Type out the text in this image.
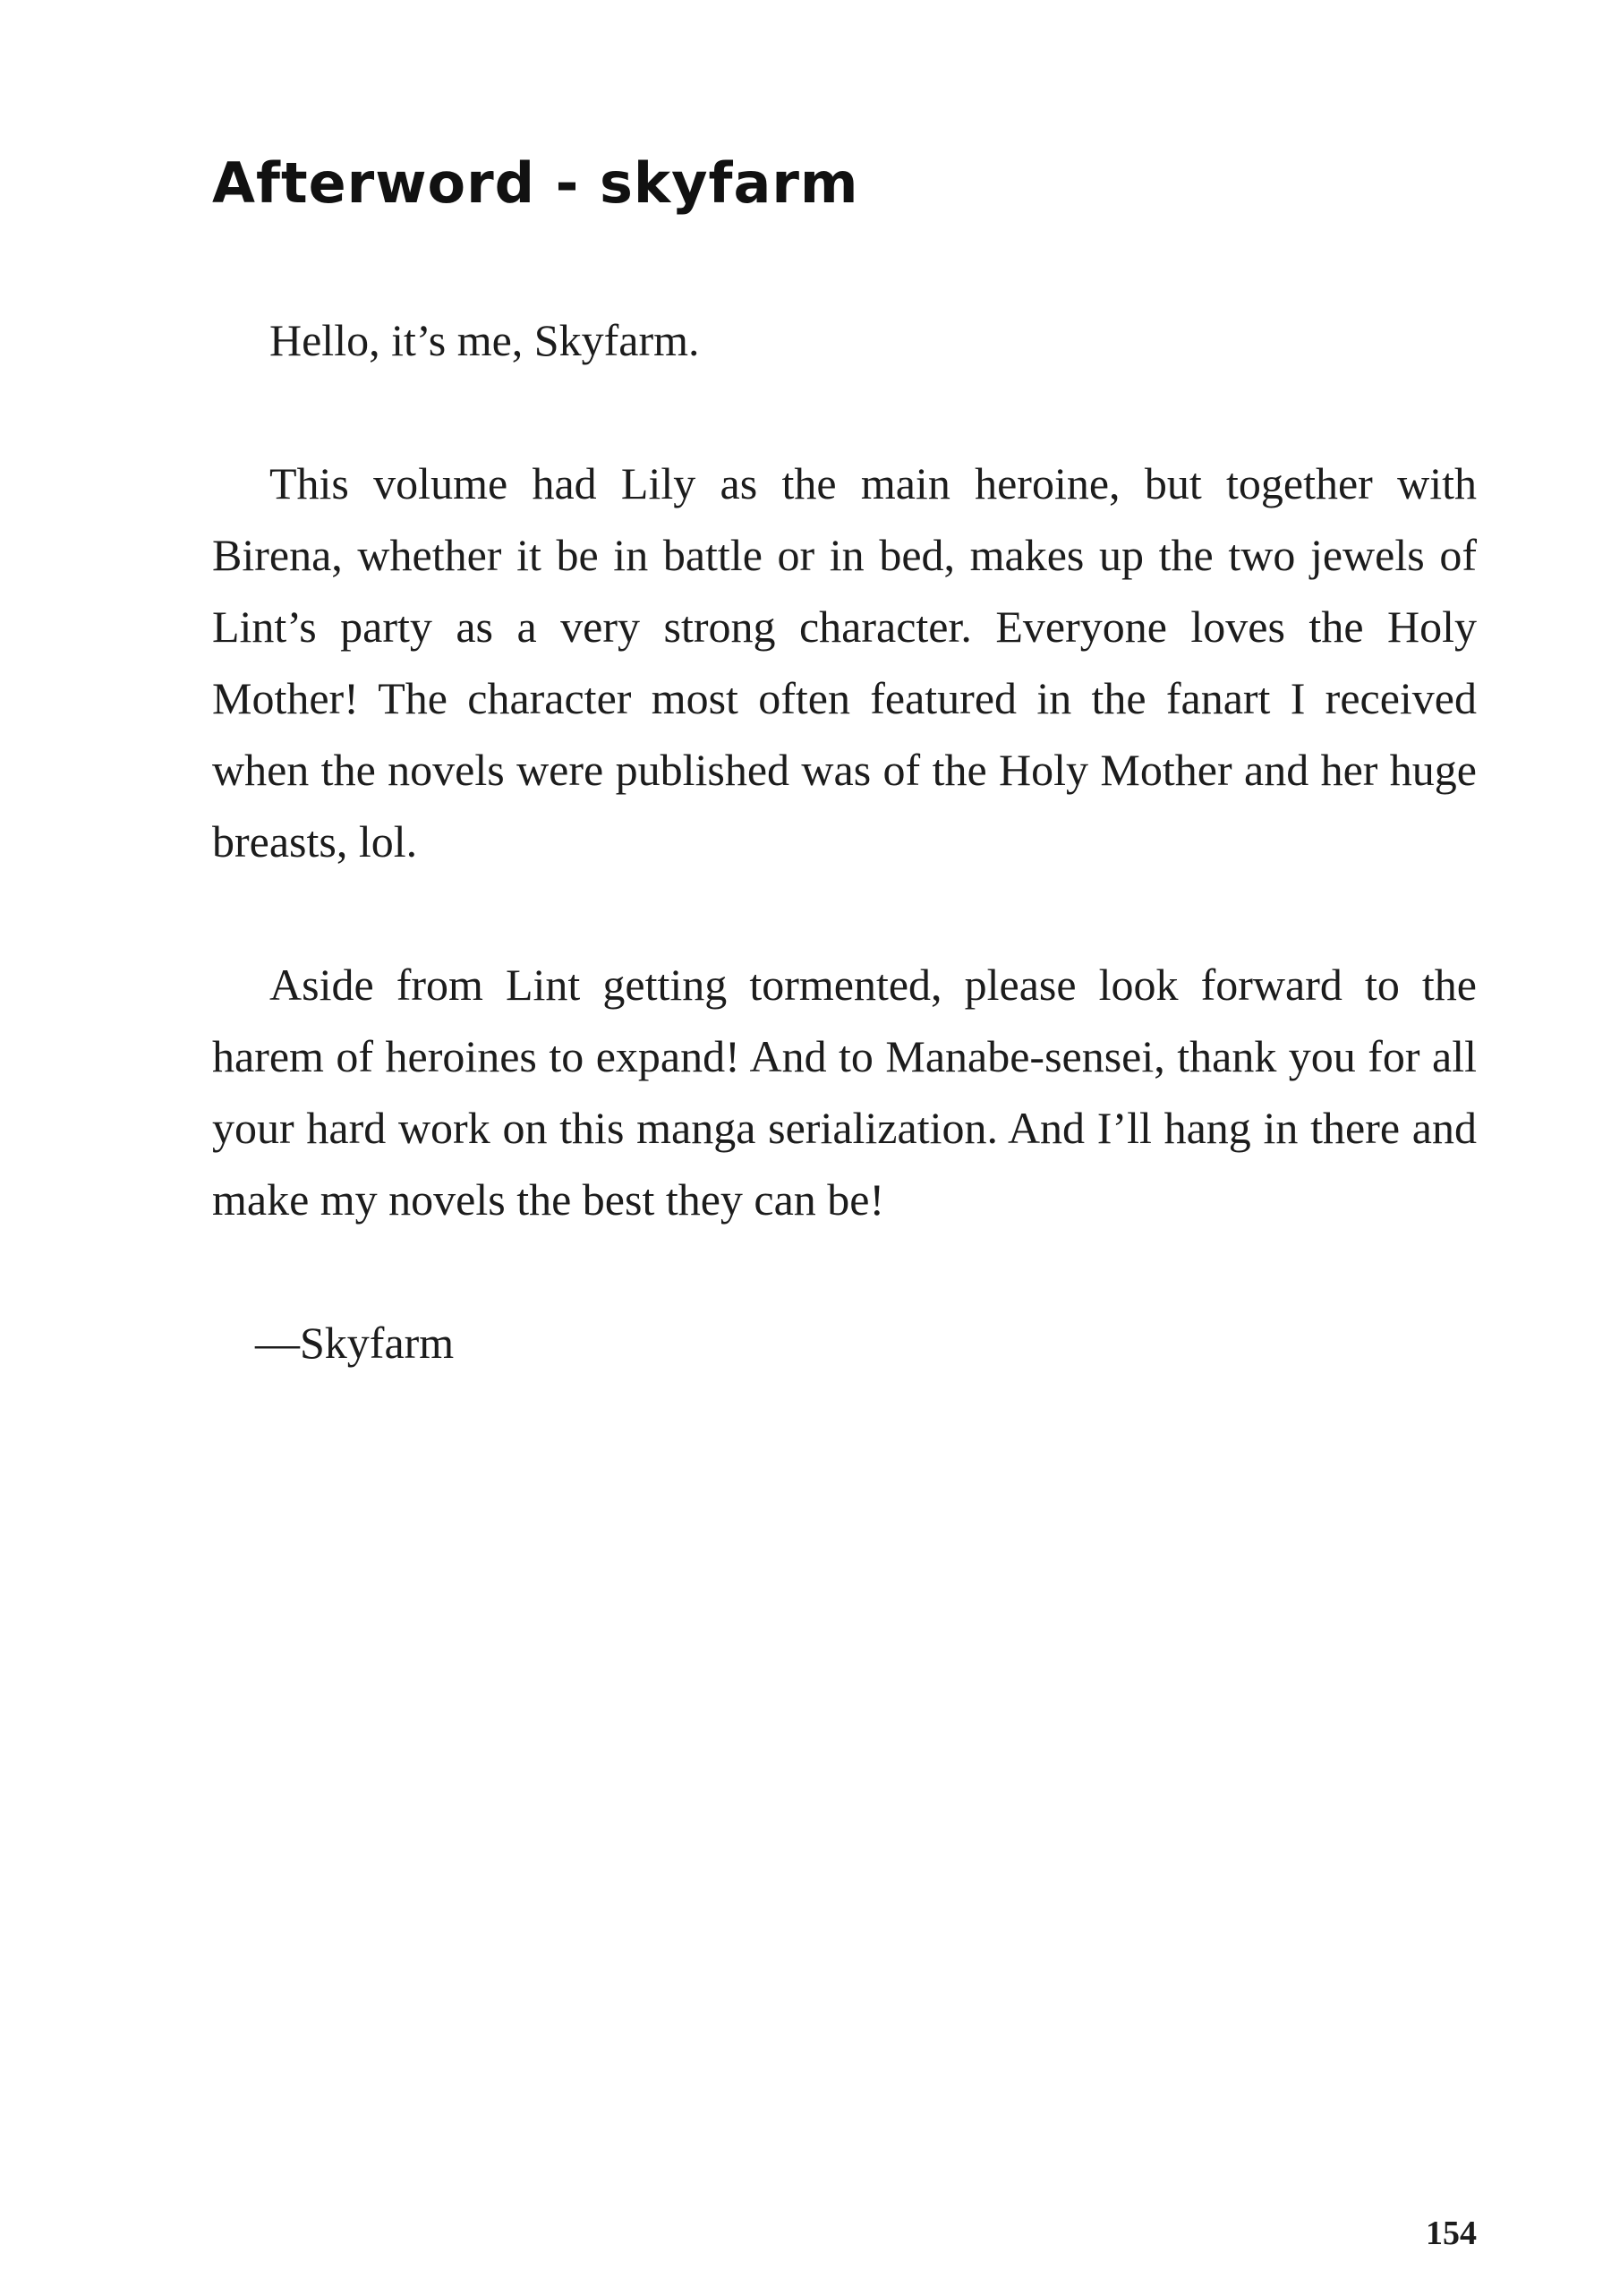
Afterword - skyfarm

Hello, it’s me, Skyfarm.

This volume had Lily as the main heroine, but together with Birena, whether it be in battle or in bed, makes up the two jewels of Lint’s party as a very strong character. Everyone loves the Holy Mother! The character most often featured in the fanart I received when the novels were published was of the Holy Mother and her huge breasts, lol.

Aside from Lint getting tormented, please look forward to the harem of heroines to expand! And to Manabe-sensei, thank you for all your hard work on this manga serialization. And I’ll hang in there and make my novels the best they can be!

—Skyfarm

154
